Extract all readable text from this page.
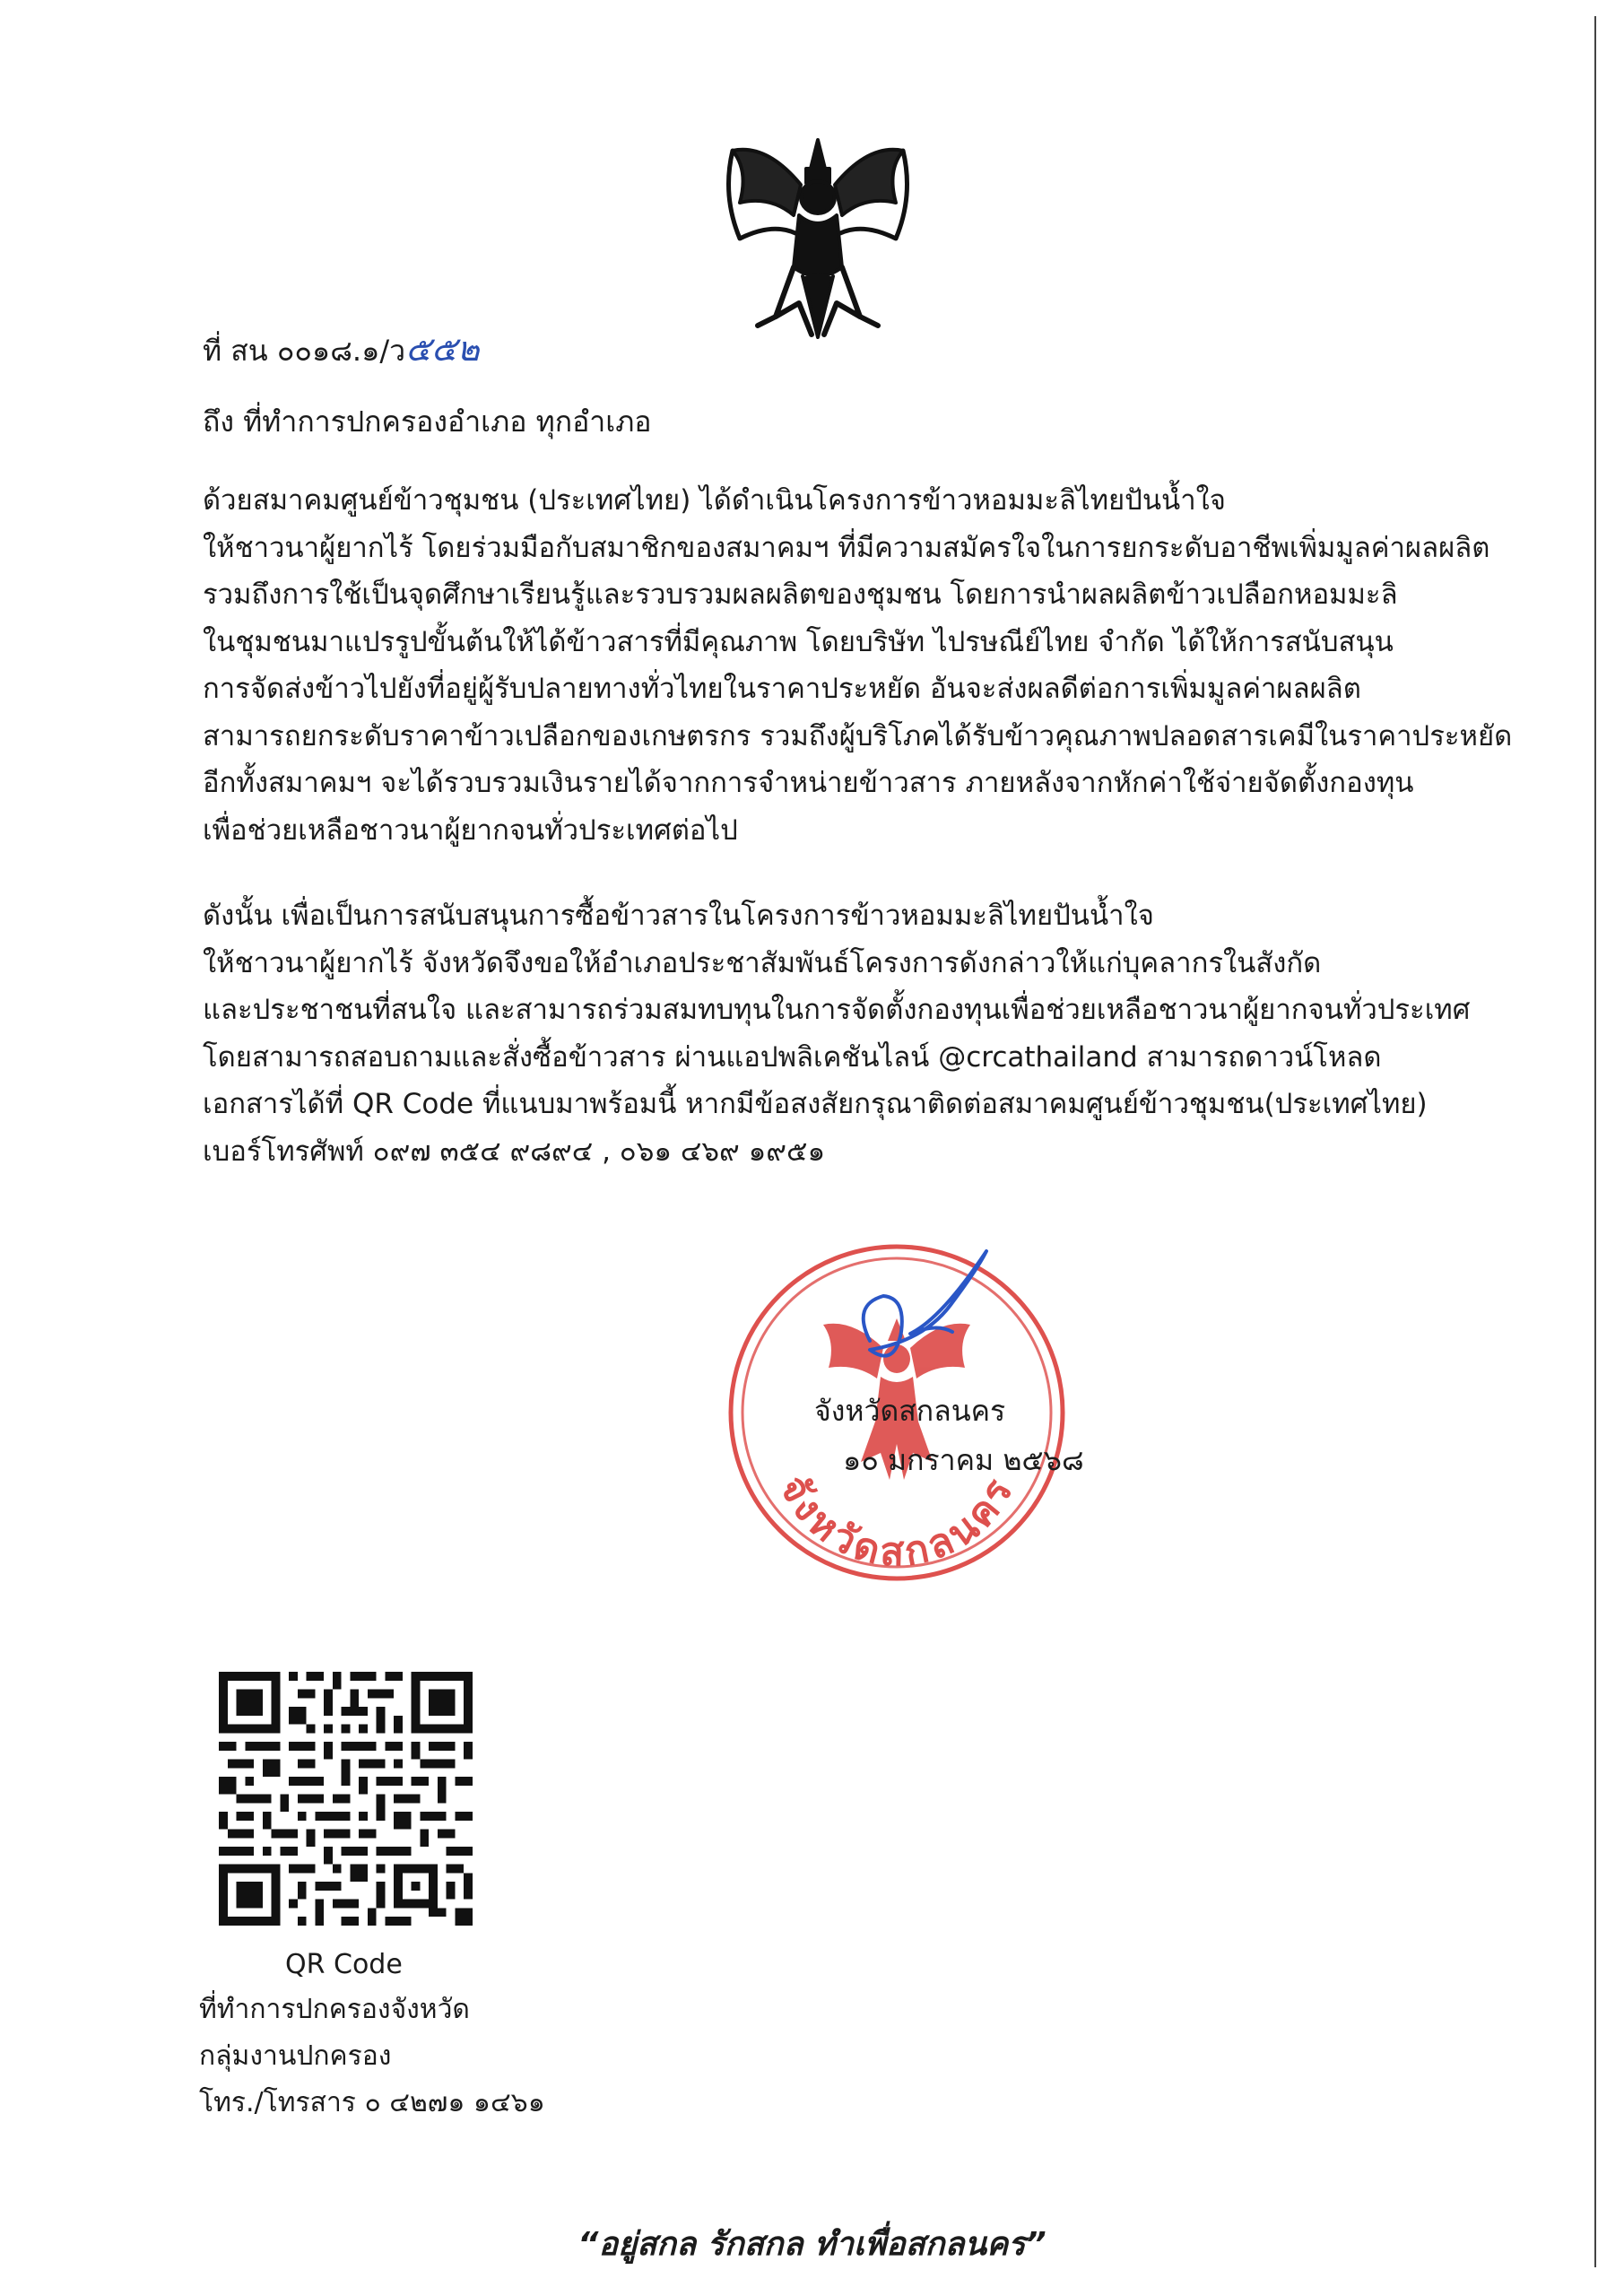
ที่ สน ๐๐๑๘.๑/ว๕๕๒
ถึง ที่ทำการปกครองอำเภอ ทุกอำเภอ
ด้วยสมาคมศูนย์ข้าวชุมชน (ประเทศไทย) ได้ดำเนินโครงการข้าวหอมมะลิไทยปันน้ำใจ
ให้ชาวนาผู้ยากไร้ โดยร่วมมือกับสมาชิกของสมาคมฯ ที่มีความสมัครใจในการยกระดับอาชีพเพิ่มมูลค่าผลผลิต
รวมถึงการใช้เป็นจุดศึกษาเรียนรู้และรวบรวมผลผลิตของชุมชน โดยการนำผลผลิตข้าวเปลือกหอมมะลิ
ในชุมชนมาแปรรูปขั้นต้นให้ได้ข้าวสารที่มีคุณภาพ โดยบริษัท ไปรษณีย์ไทย จำกัด ได้ให้การสนับสนุน
การจัดส่งข้าวไปยังที่อยู่ผู้รับปลายทางทั่วไทยในราคาประหยัด อันจะส่งผลดีต่อการเพิ่มมูลค่าผลผลิต
สามารถยกระดับราคาข้าวเปลือกของเกษตรกร รวมถึงผู้บริโภคได้รับข้าวคุณภาพปลอดสารเคมีในราคาประหยัด
อีกทั้งสมาคมฯ จะได้รวบรวมเงินรายได้จากการจำหน่ายข้าวสาร ภายหลังจากหักค่าใช้จ่ายจัดตั้งกองทุน
เพื่อช่วยเหลือชาวนาผู้ยากจนทั่วประเทศต่อไป
ดังนั้น เพื่อเป็นการสนับสนุนการซื้อข้าวสารในโครงการข้าวหอมมะลิไทยปันน้ำใจ
ให้ชาวนาผู้ยากไร้ จังหวัดจึงขอให้อำเภอประชาสัมพันธ์โครงการดังกล่าวให้แก่บุคลากรในสังกัด
และประชาชนที่สนใจ และสามารถร่วมสมทบทุนในการจัดตั้งกองทุนเพื่อช่วยเหลือชาวนาผู้ยากจนทั่วประเทศ
โดยสามารถสอบถามและสั่งซื้อข้าวสาร ผ่านแอปพลิเคชันไลน์ @crcathailand สามารถดาวน์โหลด
เอกสารได้ที่ QR Code ที่แนบมาพร้อมนี้ หากมีข้อสงสัยกรุณาติดต่อสมาคมศูนย์ข้าวชุมชน(ประเทศไทย)
เบอร์โทรศัพท์ ๐๙๗ ๓๕๔ ๙๘๙๔ , ๐๖๑ ๔๖๙ ๑๙๕๑
จังหวัดสกลนคร
จังหวัดสกลนคร
๑๐ มกราคม ๒๕๖๘
QR Code
ที่ทำการปกครองจังหวัด
กลุ่มงานปกครอง
โทร./โทรสาร ๐ ๔๒๗๑ ๑๔๖๑
“อยู่สกล รักสกล ทำเพื่อสกลนคร”
